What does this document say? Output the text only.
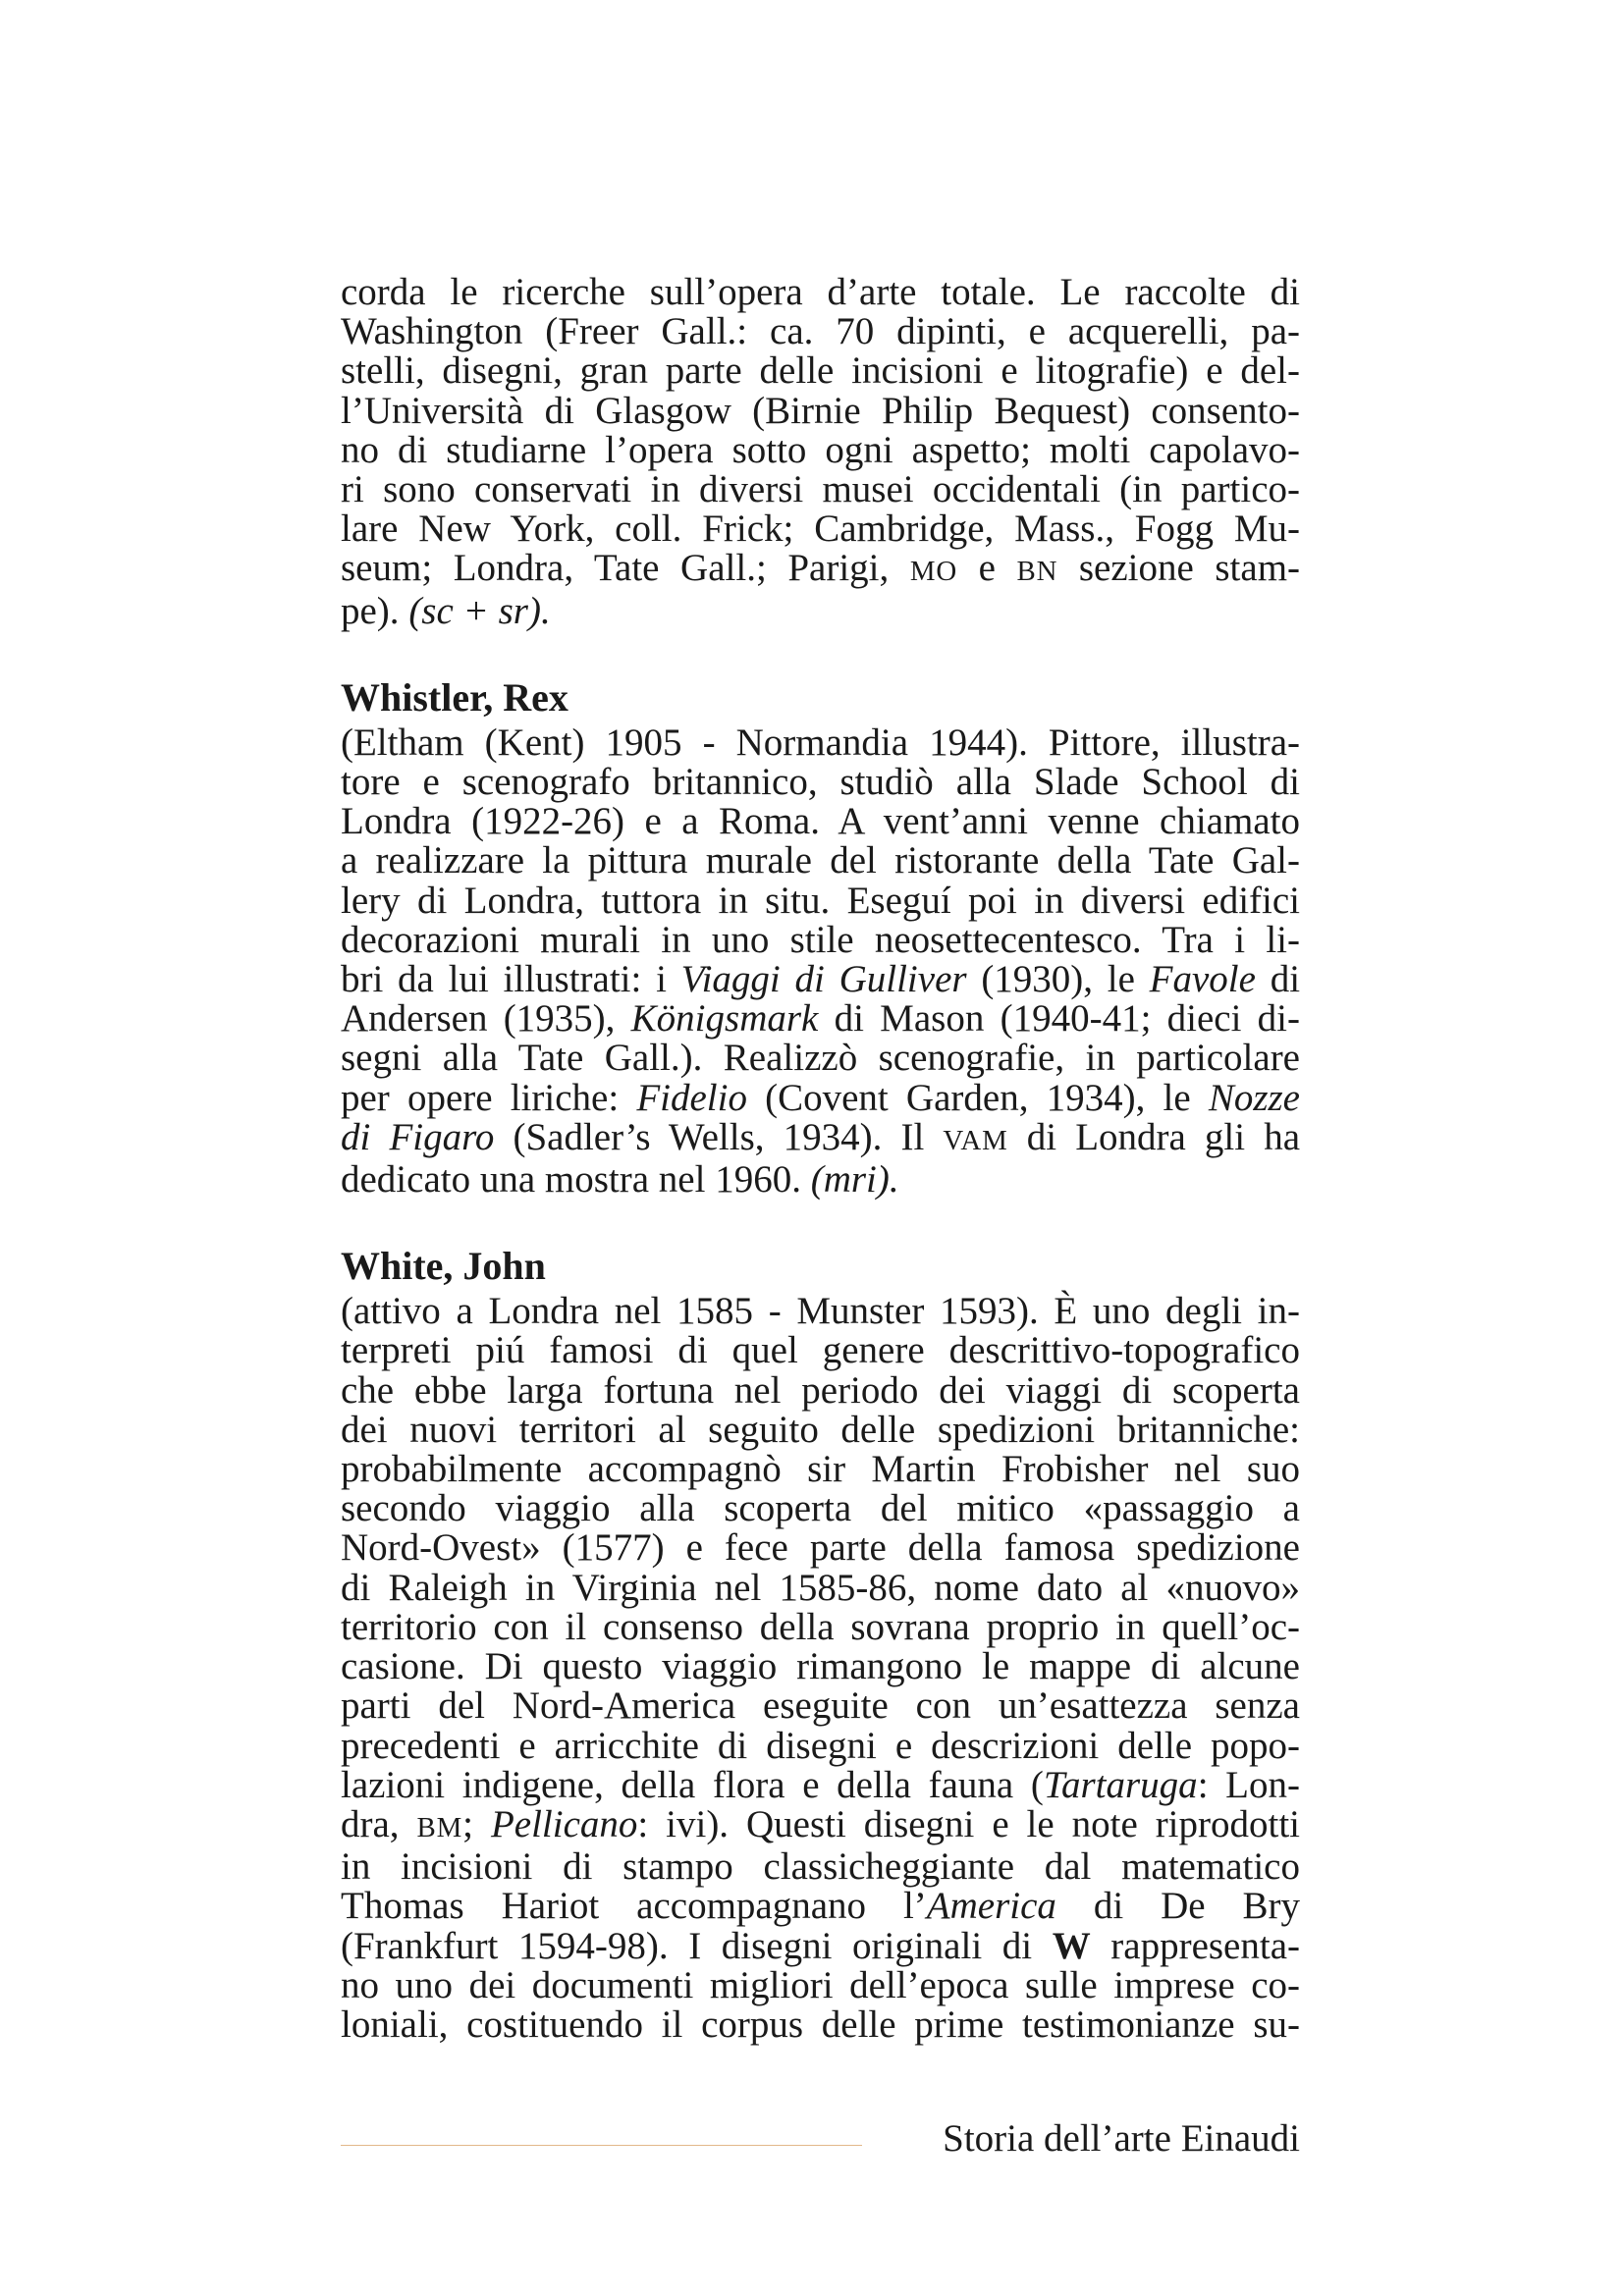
corda le ricerche sull’opera d’arte totale. Le raccolte di
Washington (Freer Gall.: ca. 70 dipinti, e acquerelli, pa-
stelli, disegni, gran parte delle incisioni e litografie) e del-
l’Università di Glasgow (Birnie Philip Bequest) consento-
no di studiarne l’opera sotto ogni aspetto; molti capolavo-
ri sono conservati in diversi musei occidentali (in partico-
lare New York, coll. Frick; Cambridge, Mass., Fogg Mu-
seum; Londra, Tate Gall.; Parigi, MO e BN sezione stam-
pe). (sc + sr).
Whistler, Rex
(Eltham (Kent) 1905 - Normandia 1944). Pittore, illustra-
tore e scenografo britannico, studiò alla Slade School di
Londra (1922-26) e a Roma. A vent’anni venne chiamato
a realizzare la pittura murale del ristorante della Tate Gal-
lery di Londra, tuttora in situ. Eseguí poi in diversi edifici
decorazioni murali in uno stile neosettecentesco. Tra i li-
bri da lui illustrati: i Viaggi di Gulliver (1930), le Favole di
Andersen (1935), Königsmark di Mason (1940-41; dieci di-
segni alla Tate Gall.). Realizzò scenografie, in particolare
per opere liriche: Fidelio (Covent Garden, 1934), le Nozze
di Figaro (Sadler’s Wells, 1934). Il VAM di Londra gli ha
dedicato una mostra nel 1960. (mri).
White, John
(attivo a Londra nel 1585 - Munster 1593). È uno degli in-
terpreti piú famosi di quel genere descrittivo-topografico
che ebbe larga fortuna nel periodo dei viaggi di scoperta
dei nuovi territori al seguito delle spedizioni britanniche:
probabilmente accompagnò sir Martin Frobisher nel suo
secondo viaggio alla scoperta del mitico «passaggio a
Nord-Ovest» (1577) e fece parte della famosa spedizione
di Raleigh in Virginia nel 1585-86, nome dato al «nuovo»
territorio con il consenso della sovrana proprio in quell’oc-
casione. Di questo viaggio rimangono le mappe di alcune
parti del Nord-America eseguite con un’esattezza senza
precedenti e arricchite di disegni e descrizioni delle popo-
lazioni indigene, della flora e della fauna (Tartaruga: Lon-
dra, BM; Pellicano: ivi). Questi disegni e le note riprodotti
in incisioni di stampo classicheggiante dal matematico
Thomas Hariot accompagnano l’America di De Bry
(Frankfurt 1594-98). I disegni originali di W rappresenta-
no uno dei documenti migliori dell’epoca sulle imprese co-
loniali, costituendo il corpus delle prime testimonianze su-
Storia dell’arte Einaudi
